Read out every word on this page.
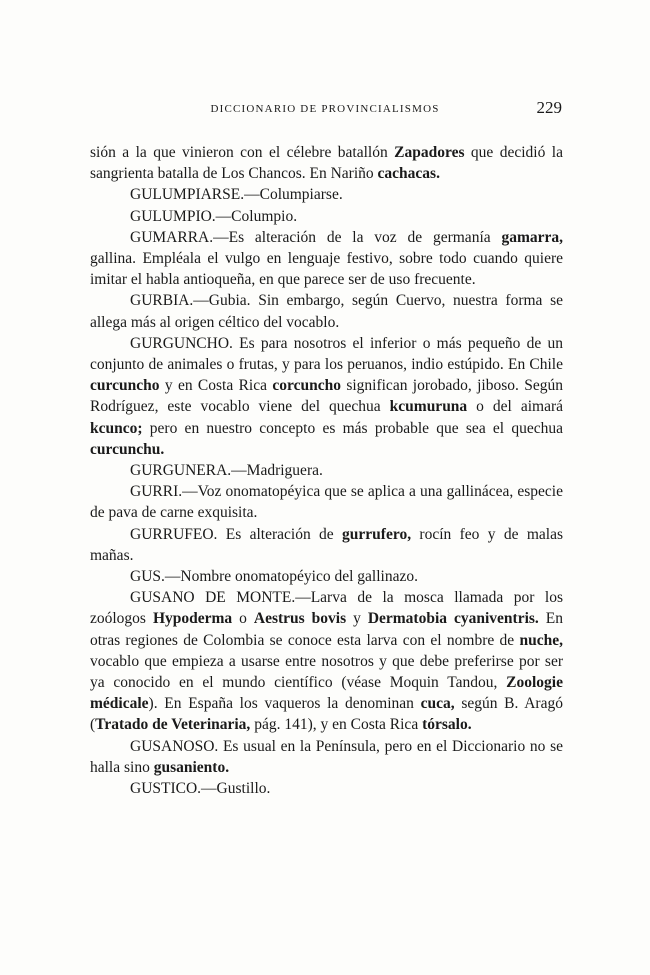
DICCIONARIO DE PROVINCIALISMOS	229

sión a la que vinieron con el célebre batallón Zapadores que decidió la sangrienta batalla de Los Chancos. En Nariño cachacas.

GULUMPIARSE.—Columpiarse.

GULUMPIO.—Columpio.

GUMARRA.—Es alteración de la voz de germanía gamarra, gallina. Empléala el vulgo en lenguaje festivo, sobre todo cuando quiere imitar el habla antioqueña, en que parece ser de uso frecuente.

GURBIA.—Gubia. Sin embargo, según Cuervo, nuestra forma se allega más al origen céltico del vocablo.

GURGUNCHO. Es para nosotros el inferior o más pequeño de un conjunto de animales o frutas, y para los peruanos, indio estúpido. En Chile curcuncho y en Costa Rica corcuncho significan jorobado, jiboso. Según Rodríguez, este vocablo viene del quechua kcumuruna o del aimará kcunco; pero en nuestro concepto es más probable que sea el quechua curcunchu.

GURGUNERA.—Madriguera.

GURRI.—Voz onomatopéyica que se aplica a una gallinácea, especie de pava de carne exquisita.

GURRUFEO. Es alteración de gurrufero, rocín feo y de malas mañas.

GUS.—Nombre onomatopéyico del gallinazo.

GUSANO DE MONTE.—Larva de la mosca llamada por los zoólogos Hypoderma o Aestrus bovis y Dermatobia cyaniventris. En otras regiones de Colombia se conoce esta larva con el nombre de nuche, vocablo que empieza a usarse entre nosotros y que debe preferirse por ser ya conocido en el mundo científico (véase Moquin Tandou, Zoologie médicale). En España los vaqueros la denominan cuca, según B. Aragó (Tratado de Veterinaria, pág. 141), y en Costa Rica tórsalo.

GUSANOSO. Es usual en la Península, pero en el Diccionario no se halla sino gusaniento.

GUSTICO.—Gustillo.
